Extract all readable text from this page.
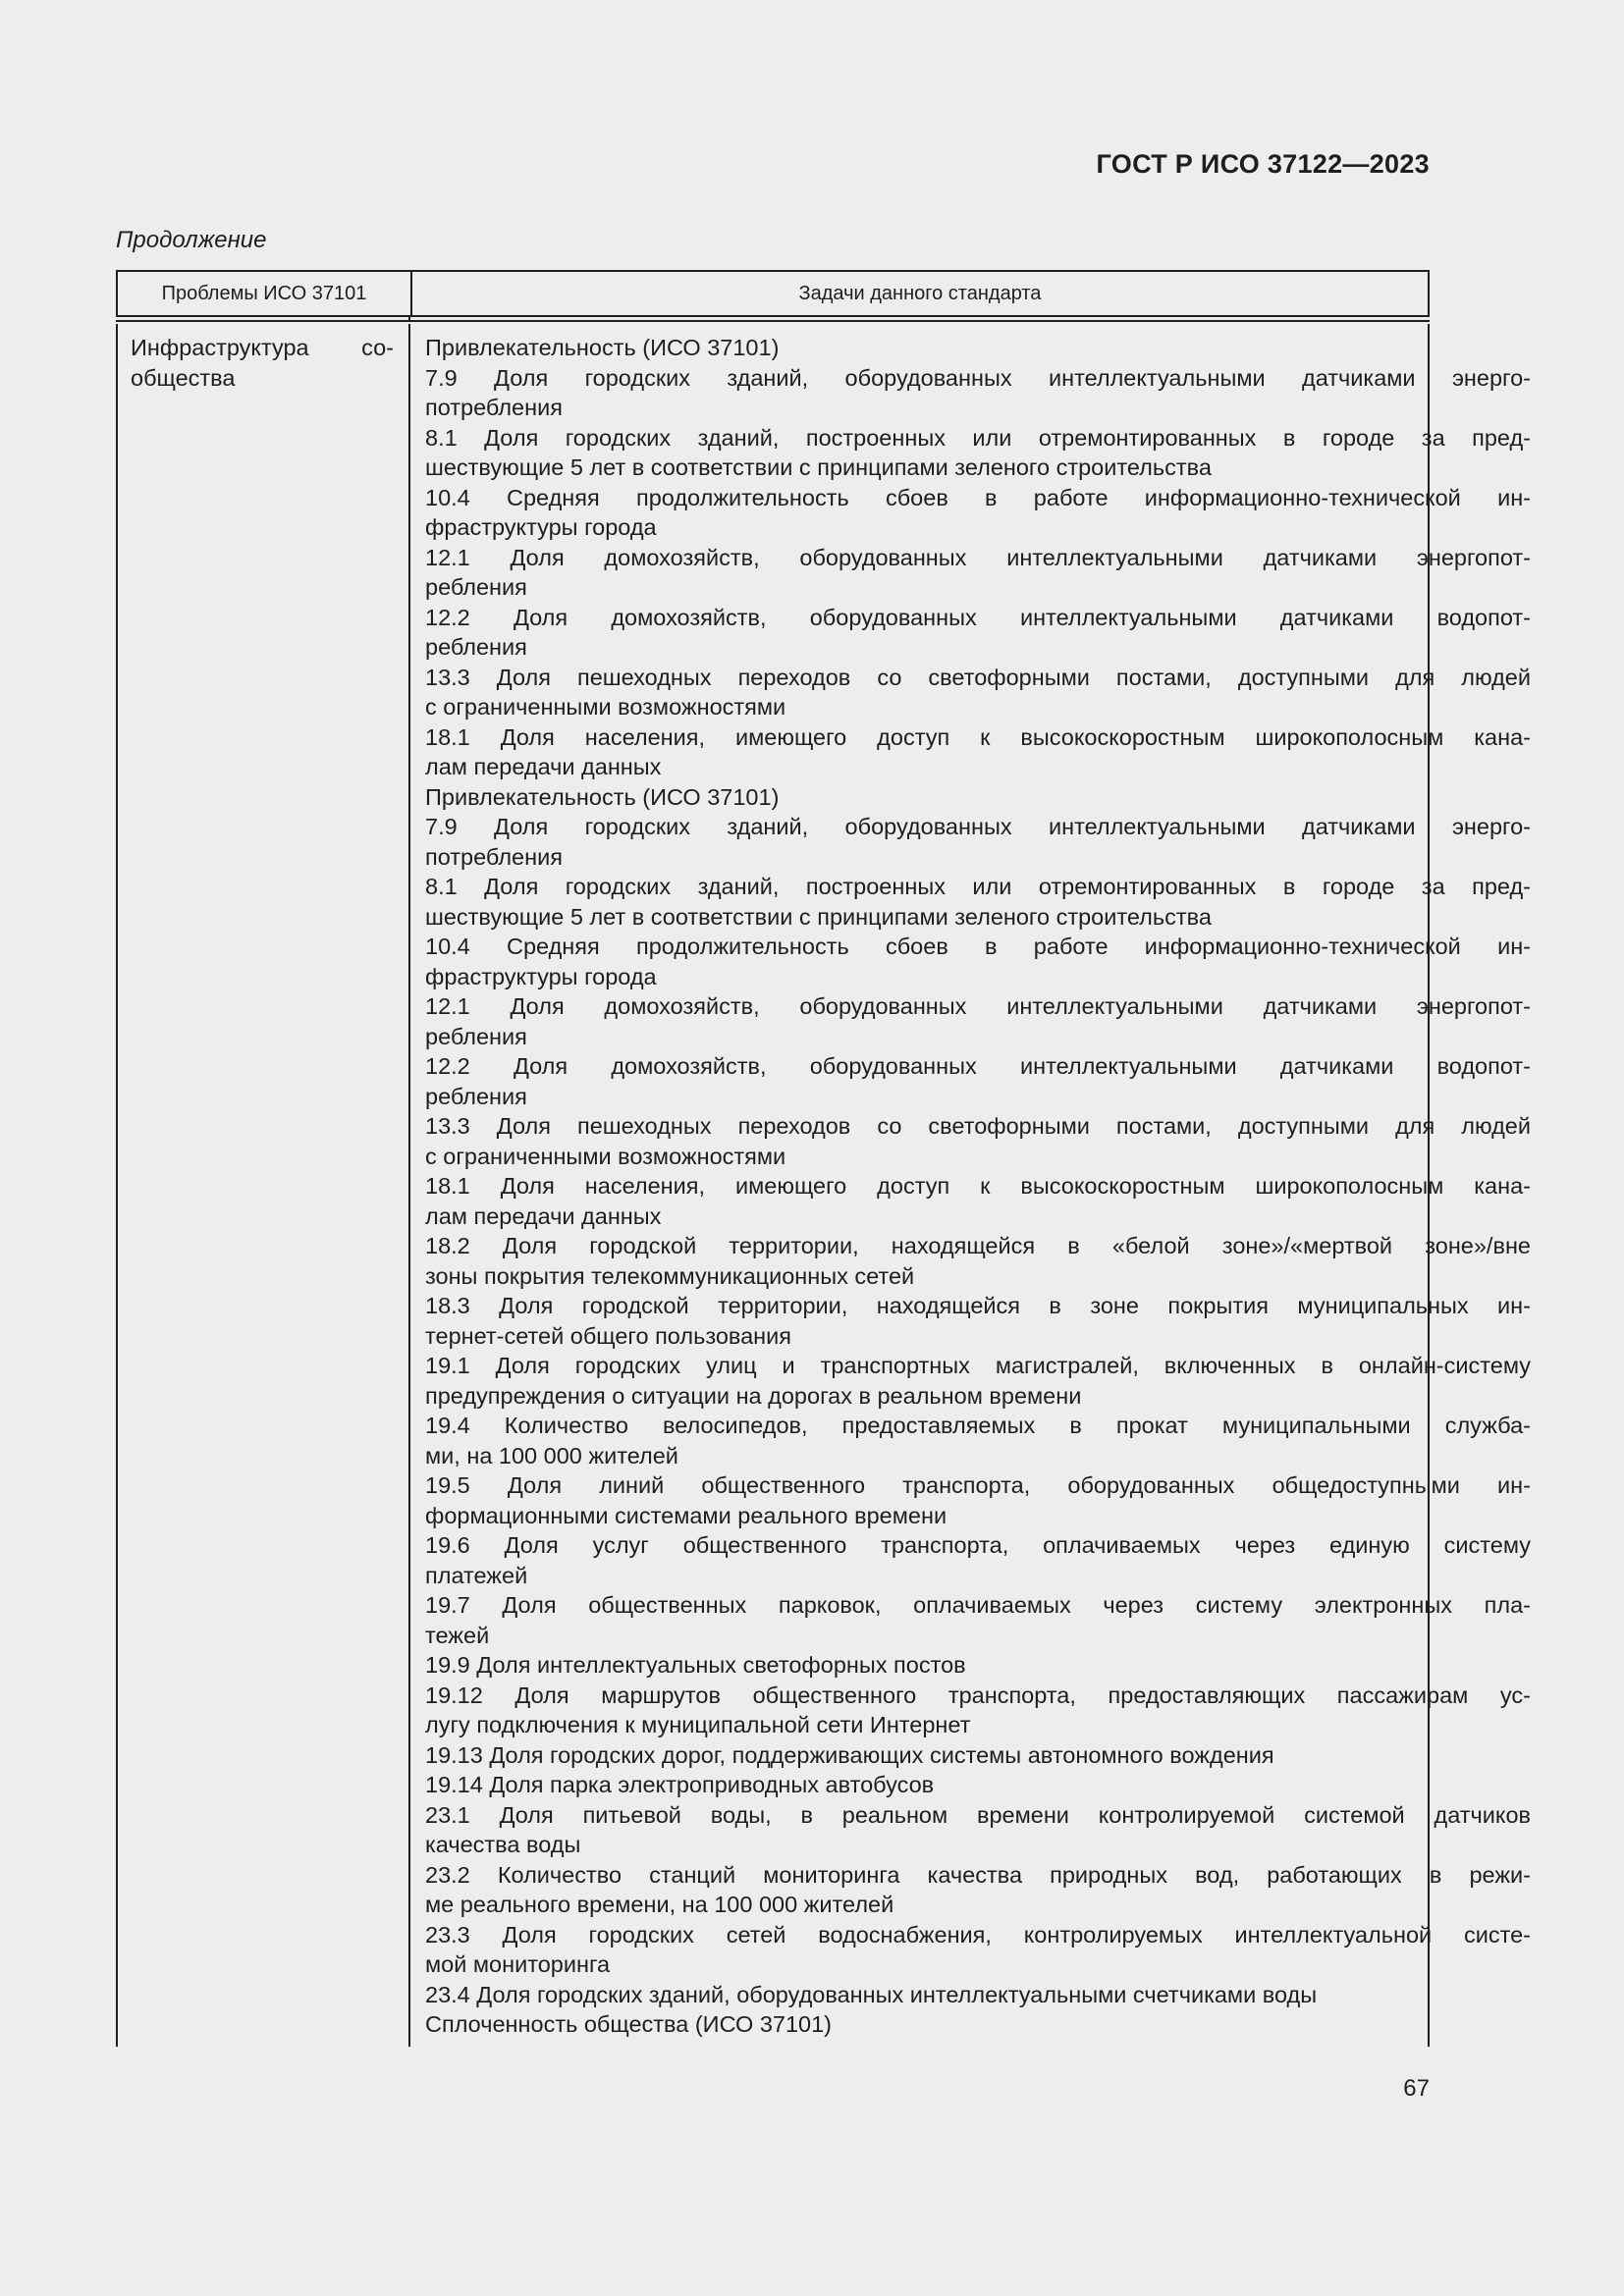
ГОСТ Р ИСО 37122—2023
Продолжение
Проблемы ИСО 37101	Задачи данного стандарта
Инфраструктура со-
общества
Привлекательность (ИСО 37101)
7.9 Доля городских зданий, оборудованных интеллектуальными датчиками энерго-
потребления
8.1 Доля городских зданий, построенных или отремонтированных в городе за пред-
шествующие 5 лет в соответствии с принципами зеленого строительства
10.4 Средняя продолжительность сбоев в работе информационно-технической ин-
фраструктуры города
12.1 Доля домохозяйств, оборудованных интеллектуальными датчиками энергопот-
ребления
12.2 Доля домохозяйств, оборудованных интеллектуальными датчиками водопот-
ребления
13.3 Доля пешеходных переходов со светофорными постами, доступными для людей
с ограниченными возможностями
18.1 Доля населения, имеющего доступ к высокоскоростным широкополосным кана-
лам передачи данных
Привлекательность (ИСО 37101)
7.9 Доля городских зданий, оборудованных интеллектуальными датчиками энерго-
потребления
8.1 Доля городских зданий, построенных или отремонтированных в городе за пред-
шествующие 5 лет в соответствии с принципами зеленого строительства
10.4 Средняя продолжительность сбоев в работе информационно-технической ин-
фраструктуры города
12.1 Доля домохозяйств, оборудованных интеллектуальными датчиками энергопот-
ребления
12.2 Доля домохозяйств, оборудованных интеллектуальными датчиками водопот-
ребления
13.3 Доля пешеходных переходов со светофорными постами, доступными для людей
с ограниченными возможностями
18.1 Доля населения, имеющего доступ к высокоскоростным широкополосным кана-
лам передачи данных
18.2 Доля городской территории, находящейся в «белой зоне»/«мертвой зоне»/вне
зоны покрытия телекоммуникационных сетей
18.3 Доля городской территории, находящейся в зоне покрытия муниципальных ин-
тернет-сетей общего пользования
19.1 Доля городских улиц и транспортных магистралей, включенных в онлайн-систему
предупреждения о ситуации на дорогах в реальном времени
19.4 Количество велосипедов, предоставляемых в прокат муниципальными служба-
ми, на 100 000 жителей
19.5 Доля линий общественного транспорта, оборудованных общедоступными ин-
формационными системами реального времени
19.6 Доля услуг общественного транспорта, оплачиваемых через единую систему
платежей
19.7 Доля общественных парковок, оплачиваемых через систему электронных пла-
тежей
19.9 Доля интеллектуальных светофорных постов
19.12 Доля маршрутов общественного транспорта, предоставляющих пассажирам ус-
лугу подключения к муниципальной сети Интернет
19.13 Доля городских дорог, поддерживающих системы автономного вождения
19.14 Доля парка электроприводных автобусов
23.1 Доля питьевой воды, в реальном времени контролируемой системой датчиков
качества воды
23.2 Количество станций мониторинга качества природных вод, работающих в режи-
ме реального времени, на 100 000 жителей
23.3 Доля городских сетей водоснабжения, контролируемых интеллектуальной систе-
мой мониторинга
23.4 Доля городских зданий, оборудованных интеллектуальными счетчиками воды
Сплоченность общества (ИСО 37101)
67
